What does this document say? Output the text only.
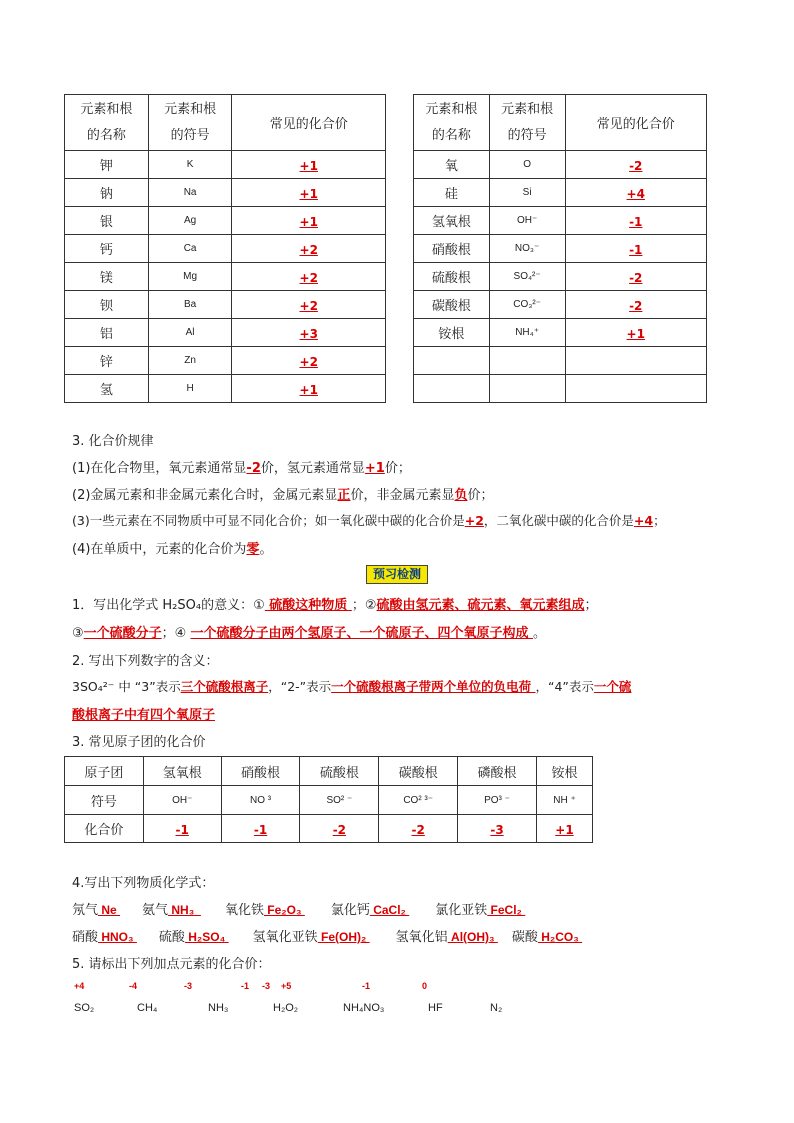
元素和根
的名称	元素和根
的符号	常见的化合价
钾	K	+1
钠	Na	+1
银	Ag	+1
钙	Ca	+2
镁	Mg	+2
钡	Ba	+2
铝	Al	+3
锌	Zn	+2
氢	H	+1
元素和根
的名称	元素和根
的符号	常见的化合价
氧	O	-2
硅	Si	+4
氢氧根	OH⁻	-1
硝酸根	NO₃⁻	-1
硫酸根	SO₄²⁻	-2
碳酸根	CO₃²⁻	-2
铵根	NH₄⁺	+1

3. 化合价规律
(1)在化合物里，氧元素通常显-2价，氢元素通常显+1价；
(2)金属元素和非金属元素化合时，金属元素显正价，非金属元素显负价；
(3)一些元素在不同物质中可显不同化合价；如一氧化碳中碳的化合价是+2，二氧化碳中碳的化合价是+4；
(4)在单质中，元素的化合价为零。
预习检测
1．写出化学式 H₂SO₄的意义：① 硫酸这种物质 ；②硫酸由氢元素、硫元素、氧元素组成；
③一个硫酸分子；④ 一个硫酸分子由两个氢原子、一个硫原子、四个氧原子构成 。
2. 写出下列数字的含义：
3SO₄²⁻ 中 “3”表示三个硫酸根离子，“2-”表示一个硫酸根离子带两个单位的负电荷 ，“4”表示一个硫
酸根离子中有四个氧原子
3. 常见原子团的化合价
原子团	氢氧根	硝酸根	硫酸根	碳酸根	磷酸根	铵根
符号	OH⁻	NO ³	SO² ⁻	CO² ³⁻	PO³ ⁻	NH ⁺
化合价	-1	-1	-2	-2	-3	+1
4.写出下列物质化学式：
氖气 Ne 氨气 NH₃  氧化铁 Fe₂O₃ 氯化钙 CaCl₂ 氯化亚铁 FeCl₂
硝酸 HNO₃ 硫酸 H₂SO₄ 氢氧化亚铁 Fe(OH)₂ 氢氧化铝 Al(OH)₃ 碳酸 H₂CO₃
5. 请标出下列加点元素的化合价：
+4	-4	-3	-1 -3 +5	-1	0
SO₂	CH₄	NH₃	H₂O₂	NH₄NO₃	HF	N₂
